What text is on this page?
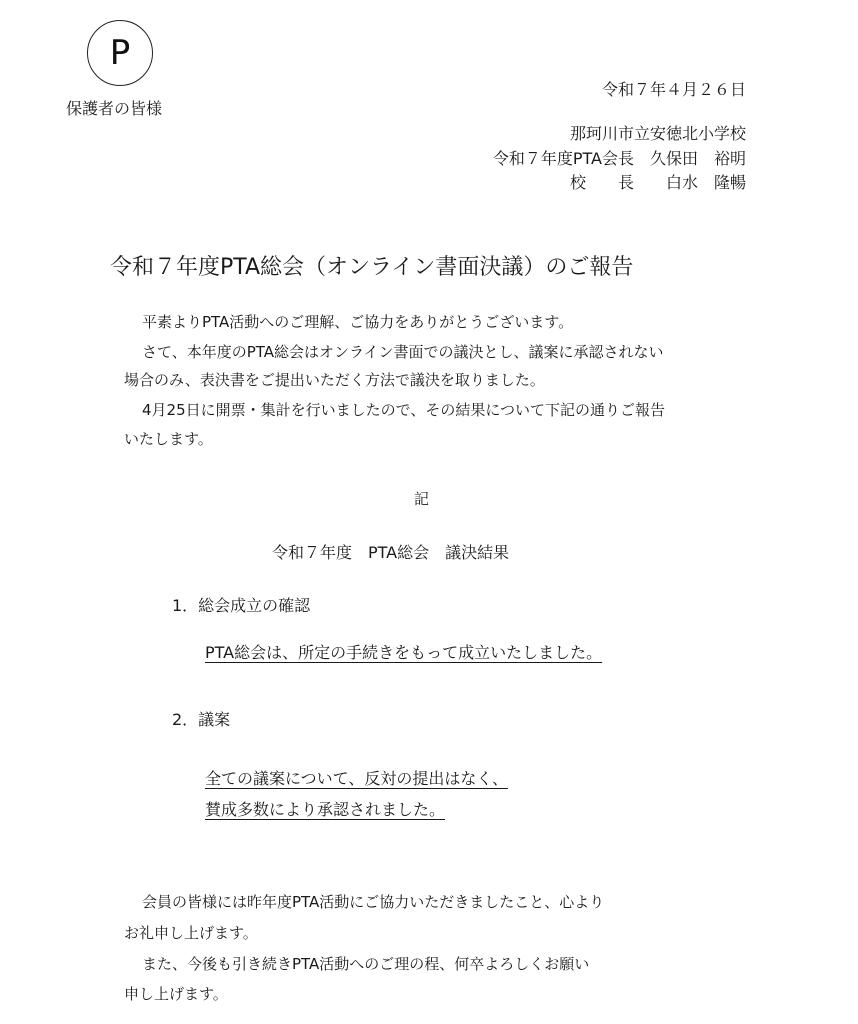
P
保護者の皆様
令和７年４月２６日
那珂川市立安徳北小学校
令和７年度PTA会長　久保田　裕明
校　　長　　白水　隆暢
令和７年度PTA総会（オンライン書面決議）のご報告
平素よりPTA活動へのご理解、ご協力をありがとうございます。
さて、本年度のPTA総会はオンライン書面での議決とし、議案に承認されない
場合のみ、表決書をご提出いただく方法で議決を取りました。
4月25日に開票・集計を行いましたので、その結果について下記の通りご報告
いたします。
記
令和７年度　PTA総会　議決結果
1．総会成立の確認
PTA総会は、所定の手続きをもって成立いたしました。
2．議案
全ての議案について、反対の提出はなく、
賛成多数により承認されました。
会員の皆様には昨年度PTA活動にご協力いただきましたこと、心より
お礼申し上げます。
また、今後も引き続きPTA活動へのご理の程、何卒よろしくお願い
申し上げます。
